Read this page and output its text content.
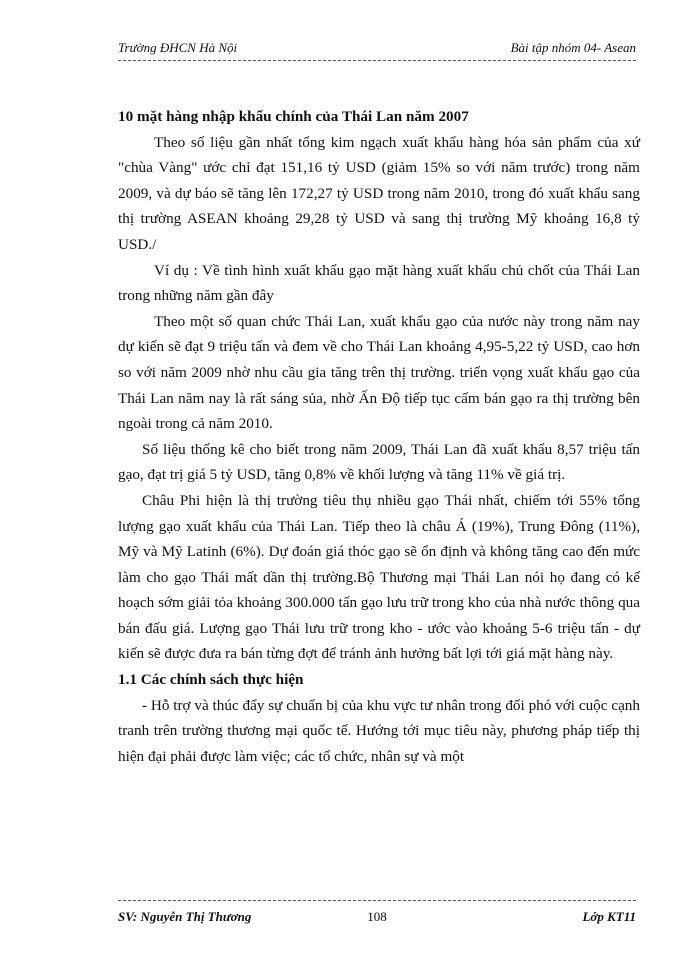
Trường ĐHCN Hà Nội	Bài tập nhóm 04- Asean

10 mặt hàng nhập khẩu chính của Thái Lan năm 2007

Theo số liệu gần nhất tổng kim ngạch xuất khẩu hàng hóa sản phẩm của xứ "chùa Vàng" ước chỉ đạt 151,16 tỷ USD (giảm 15% so với năm trước) trong năm 2009, và dự báo sẽ tăng lên 172,27 tỷ USD trong năm 2010, trong đó xuất khẩu sang thị trường ASEAN khoảng 29,28 tỷ USD và sang thị trường Mỹ khoảng 16,8 tỷ USD./

Ví dụ : Về tình hình xuất khẩu gạo mặt hàng xuất khẩu chủ chốt của Thái Lan trong những năm gần đây

Theo một số quan chức Thái Lan, xuất khẩu gạo của nước này trong năm nay dự kiến sẽ đạt 9 triệu tấn và đem về cho Thái Lan khoảng 4,95-5,22 tỷ USD, cao hơn so với năm 2009 nhờ nhu cầu gia tăng trên thị trường. triển vọng xuất khẩu gạo của Thái Lan năm nay là rất sáng sủa, nhờ Ấn Độ tiếp tục cấm bán gạo ra thị trường bên ngoài trong cả năm 2010.

Số liệu thống kê cho biết trong năm 2009, Thái Lan đã xuất khẩu 8,57 triệu tấn gạo, đạt trị giá 5 tỷ USD, tăng 0,8% về khối lượng và tăng 11% về giá trị.

Châu Phi hiện là thị trường tiêu thụ nhiều gạo Thái nhất, chiếm tới 55% tổng lượng gạo xuất khẩu của Thái Lan. Tiếp theo là châu Á (19%), Trung Đông (11%), Mỹ và Mỹ Latinh (6%). Dự đoán giá thóc gạo sẽ ổn định và không tăng cao đến mức làm cho gạo Thái mất dần thị trường.Bộ Thương mại Thái Lan nói họ đang có kế hoạch sớm giải tỏa khoảng 300.000 tấn gạo lưu trữ trong kho của nhà nước thông qua bán đấu giá. Lượng gạo Thái lưu trữ trong kho - ước vào khoảng 5-6 triệu tấn - dự kiến sẽ được đưa ra bán từng đợt để tránh ảnh hưởng bất lợi tới giá mặt hàng này.

1.1 Các chính sách thực hiện

- Hỗ trợ và thúc đẩy sự chuẩn bị của khu vực tư nhân trong đối phó với cuộc cạnh tranh trên trường thương mại quốc tế. Hướng tới mục tiêu này, phương pháp tiếp thị hiện đại phải được làm việc; các tổ chức, nhân sự và một

SV: Nguyễn Thị Thương	108	Lớp KT11
